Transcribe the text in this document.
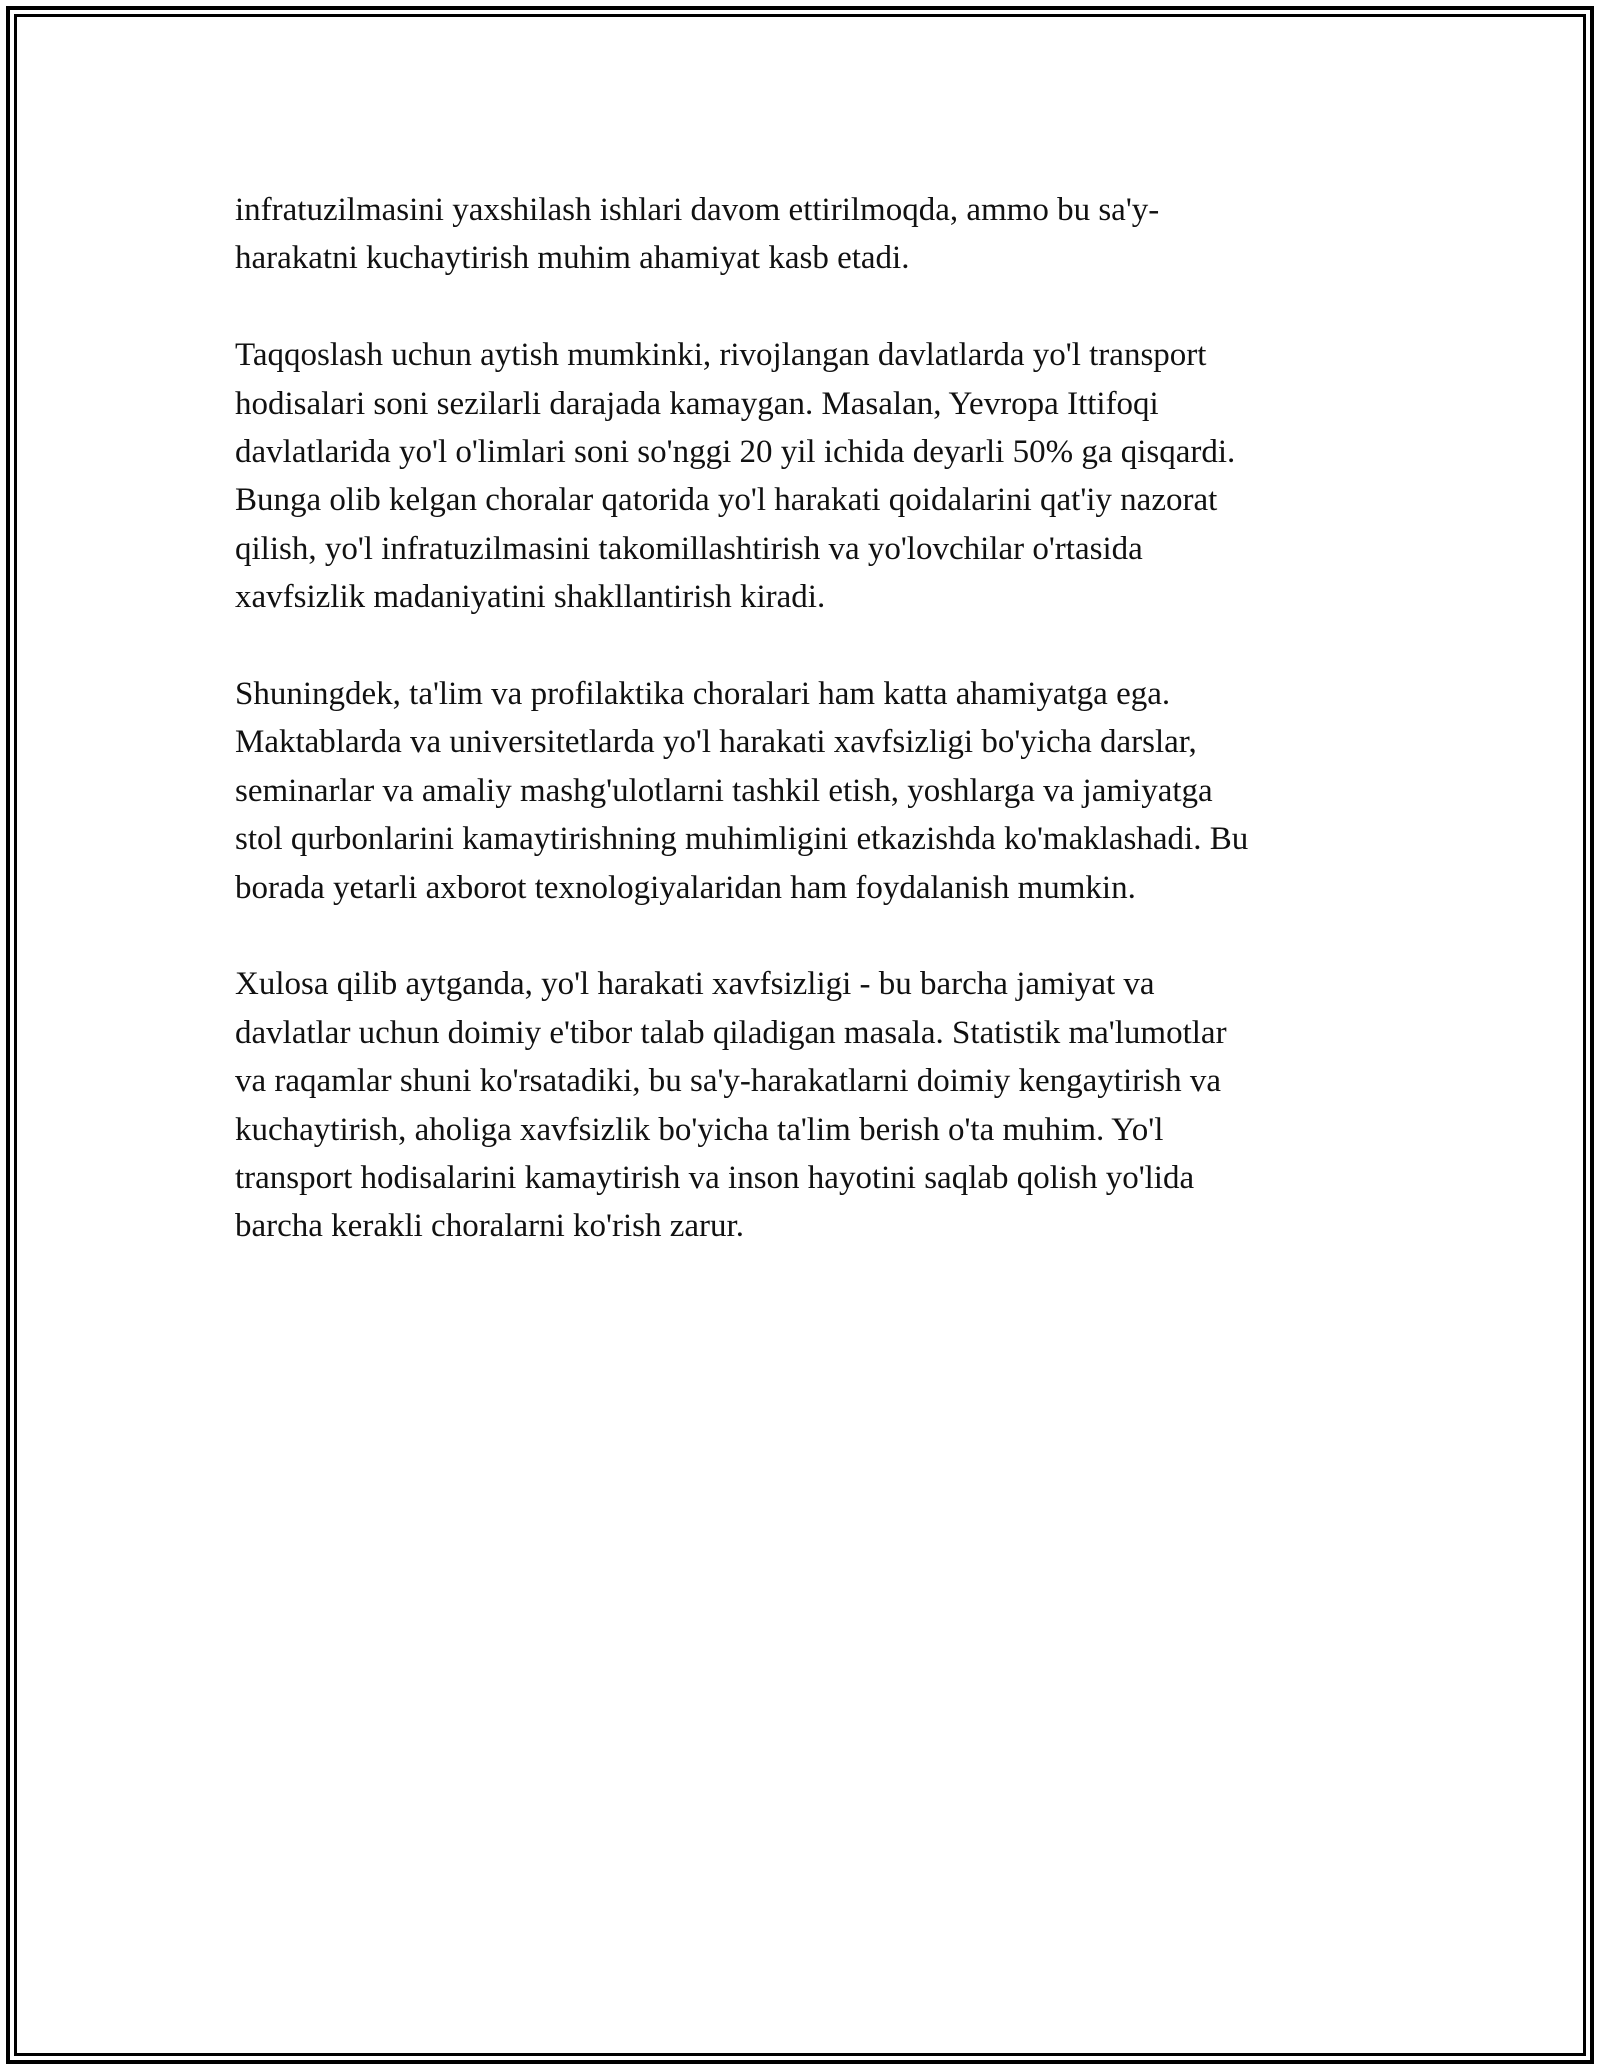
infratuzilmasini yaxshilash ishlari davom ettirilmoqda, ammo bu sa'y-
harakatni kuchaytirish muhim ahamiyat kasb etadi.

Taqqoslash uchun aytish mumkinki, rivojlangan davlatlarda yo'l transport
hodisalari soni sezilarli darajada kamaygan. Masalan, Yevropa Ittifoqi
davlatlarida yo'l o'limlari soni so'nggi 20 yil ichida deyarli 50% ga qisqardi.
Bunga olib kelgan choralar qatorida yo'l harakati qoidalarini qat'iy nazorat
qilish, yo'l infratuzilmasini takomillashtirish va yo'lovchilar o'rtasida
xavfsizlik madaniyatini shakllantirish kiradi.

Shuningdek, ta'lim va profilaktika choralari ham katta ahamiyatga ega.
Maktablarda va universitetlarda yo'l harakati xavfsizligi bo'yicha darslar,
seminarlar va amaliy mashg'ulotlarni tashkil etish, yoshlarga va jamiyatga
stol qurbonlarini kamaytirishning muhimligini etkazishda ko'maklashadi. Bu
borada yetarli axborot texnologiyalaridan ham foydalanish mumkin.

Xulosa qilib aytganda, yo'l harakati xavfsizligi - bu barcha jamiyat va
davlatlar uchun doimiy e'tibor talab qiladigan masala. Statistik ma'lumotlar
va raqamlar shuni ko'rsatadiki, bu sa'y-harakatlarni doimiy kengaytirish va
kuchaytirish, aholiga xavfsizlik bo'yicha ta'lim berish o'ta muhim. Yo'l
transport hodisalarini kamaytirish va inson hayotini saqlab qolish yo'lida
barcha kerakli choralarni ko'rish zarur.
